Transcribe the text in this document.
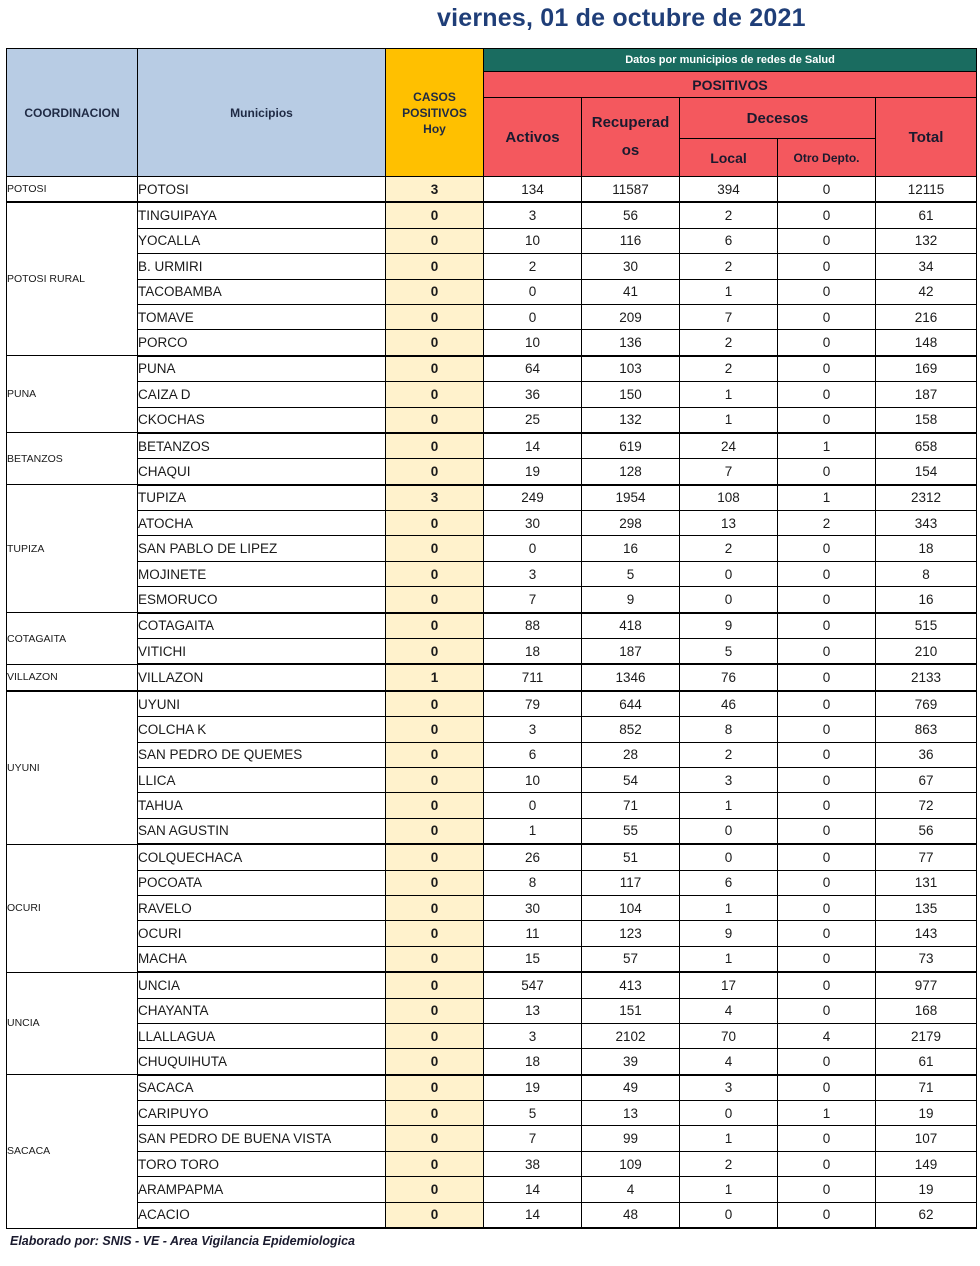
viernes, 01 de octubre de 2021
COORDINACION	Municipios	CASOS POSITIVOS Hoy	Datos por municipios de redes de Salud				
			POSITIVOS				
			Activos	Recuperad os	Decesos		Total
					Local	Otro Depto.	
POTOSI	POTOSI	3	134	11587	394	0	12115
POTOSI RURAL	TINGUIPAYA	0	3	56	2	0	61
	YOCALLA	0	10	116	6	0	132
	B. URMIRI	0	2	30	2	0	34
	TACOBAMBA	0	0	41	1	0	42
	TOMAVE	0	0	209	7	0	216
	PORCO	0	10	136	2	0	148
PUNA	PUNA	0	64	103	2	0	169
	CAIZA D	0	36	150	1	0	187
	CKOCHAS	0	25	132	1	0	158
BETANZOS	BETANZOS	0	14	619	24	1	658
	CHAQUI	0	19	128	7	0	154
TUPIZA	TUPIZA	3	249	1954	108	1	2312
	ATOCHA	0	30	298	13	2	343
	SAN PABLO DE LIPEZ	0	0	16	2	0	18
	MOJINETE	0	3	5	0	0	8
	ESMORUCO	0	7	9	0	0	16
COTAGAITA	COTAGAITA	0	88	418	9	0	515
	VITICHI	0	18	187	5	0	210
VILLAZON	VILLAZON	1	711	1346	76	0	2133
UYUNI	UYUNI	0	79	644	46	0	769
	COLCHA K	0	3	852	8	0	863
	SAN PEDRO DE QUEMES	0	6	28	2	0	36
	LLICA	0	10	54	3	0	67
	TAHUA	0	0	71	1	0	72
	SAN AGUSTIN	0	1	55	0	0	56
OCURI	COLQUECHACA	0	26	51	0	0	77
	POCOATA	0	8	117	6	0	131
	RAVELO	0	30	104	1	0	135
	OCURI	0	11	123	9	0	143
	MACHA	0	15	57	1	0	73
UNCIA	UNCIA	0	547	413	17	0	977
	CHAYANTA	0	13	151	4	0	168
	LLALLAGUA	0	3	2102	70	4	2179
	CHUQUIHUTA	0	18	39	4	0	61
SACACA	SACACA	0	19	49	3	0	71
	CARIPUYO	0	5	13	0	1	19
	SAN PEDRO DE BUENA VISTA	0	7	99	1	0	107
	TORO TORO	0	38	109	2	0	149
	ARAMPAPMA	0	14	4	1	0	19
	ACACIO	0	14	48	0	0	62
Elaborado por: SNIS - VE - Area Vigilancia Epidemiologica
